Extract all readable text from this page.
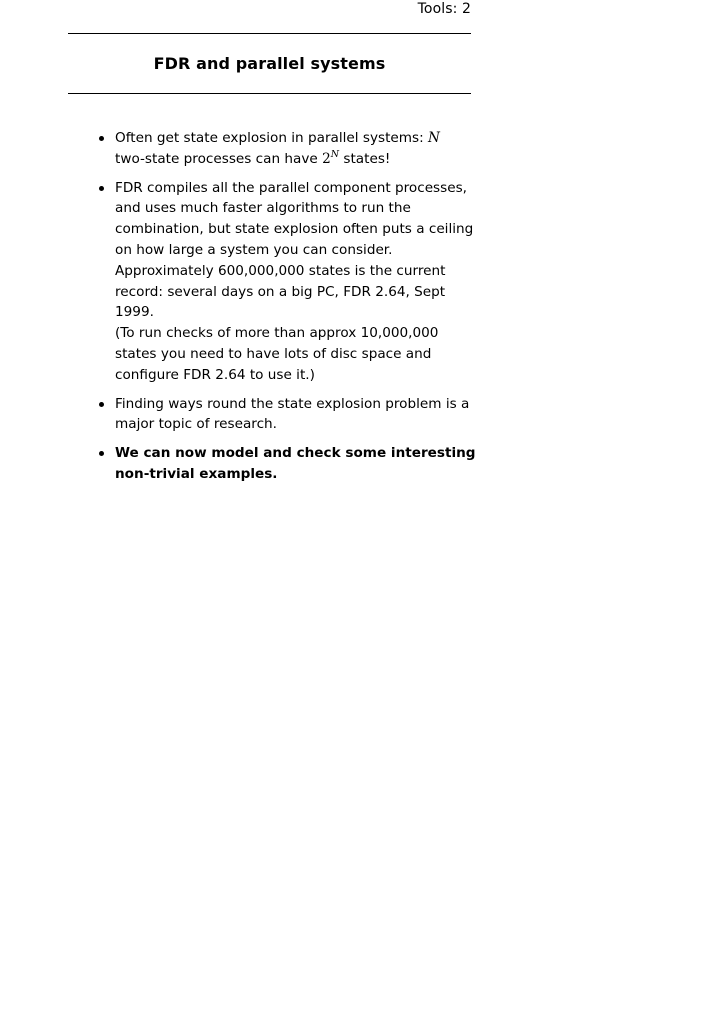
Tools: 2
FDR and parallel systems
Often get state explosion in parallel systems: N
two-state processes can have $2^N$ states!
FDR compiles all the parallel component processes,
and uses much faster algorithms to run the
combination, but state explosion often puts a ceiling
on how large a system you can consider.
Approximately 600,000,000 states is the current
record: several days on a big PC, FDR 2.64, Sept
1999.
(To run checks of more than approx 10,000,000
states you need to have lots of disc space and
configure FDR 2.64 to use it.)
Finding ways round the state explosion problem is a
major topic of research.
We can now model and check some interesting
non-trivial examples.
